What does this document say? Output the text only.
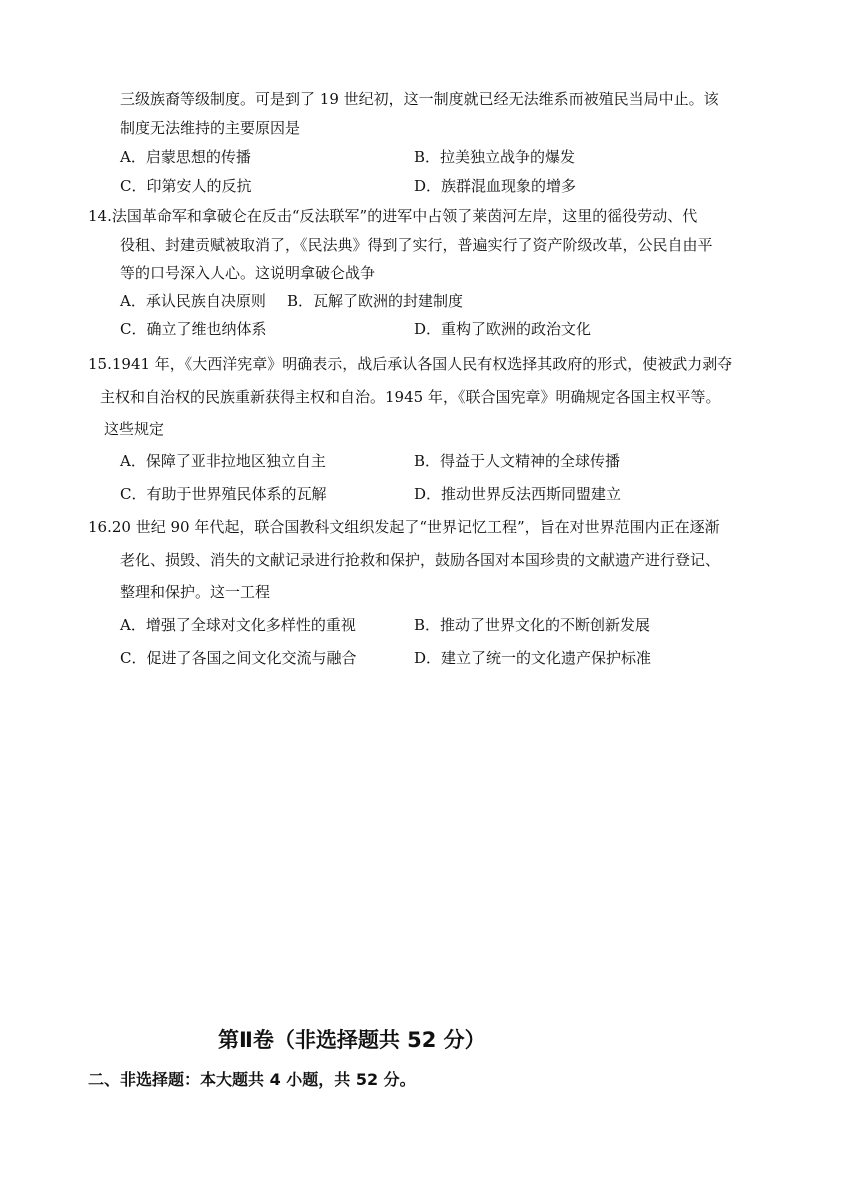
三级族裔等级制度。可是到了 19 世纪初，这一制度就已经无法维系而被殖民当局中止。该
制度无法维持的主要原因是
A．启蒙思想的传播	B．拉美独立战争的爆发
C．印第安人的反抗	D．族群混血现象的增多
14.法国革命军和拿破仑在反击“反法联军”的进军中占领了莱茵河左岸，这里的徭役劳动、代
役租、封建贡赋被取消了，《民法典》得到了实行，普遍实行了资产阶级改革，公民自由平
等的口号深入人心。这说明拿破仑战争
A．承认民族自决原则 B．瓦解了欧洲的封建制度
C．确立了维也纳体系	D．重构了欧洲的政治文化
15.1941 年，《大西洋宪章》明确表示，战后承认各国人民有权选择其政府的形式，使被武力剥夺
主权和自治权的民族重新获得主权和自治。1945 年，《联合国宪章》明确规定各国主权平等。
这些规定
A．保障了亚非拉地区独立自主	B．得益于人文精神的全球传播
C．有助于世界殖民体系的瓦解	D．推动世界反法西斯同盟建立
16.20 世纪 90 年代起，联合国教科文组织发起了“世界记忆工程”，旨在对世界范围内正在逐渐
老化、损毁、消失的文献记录进行抢救和保护，鼓励各国对本国珍贵的文献遗产进行登记、
整理和保护。这一工程
A．增强了全球对文化多样性的重视	B．推动了世界文化的不断创新发展
C．促进了各国之间文化交流与融合	D．建立了统一的文化遗产保护标准
第Ⅱ卷（非选择题共 52 分）
二、非选择题：本大题共 4 小题，共 52 分。
